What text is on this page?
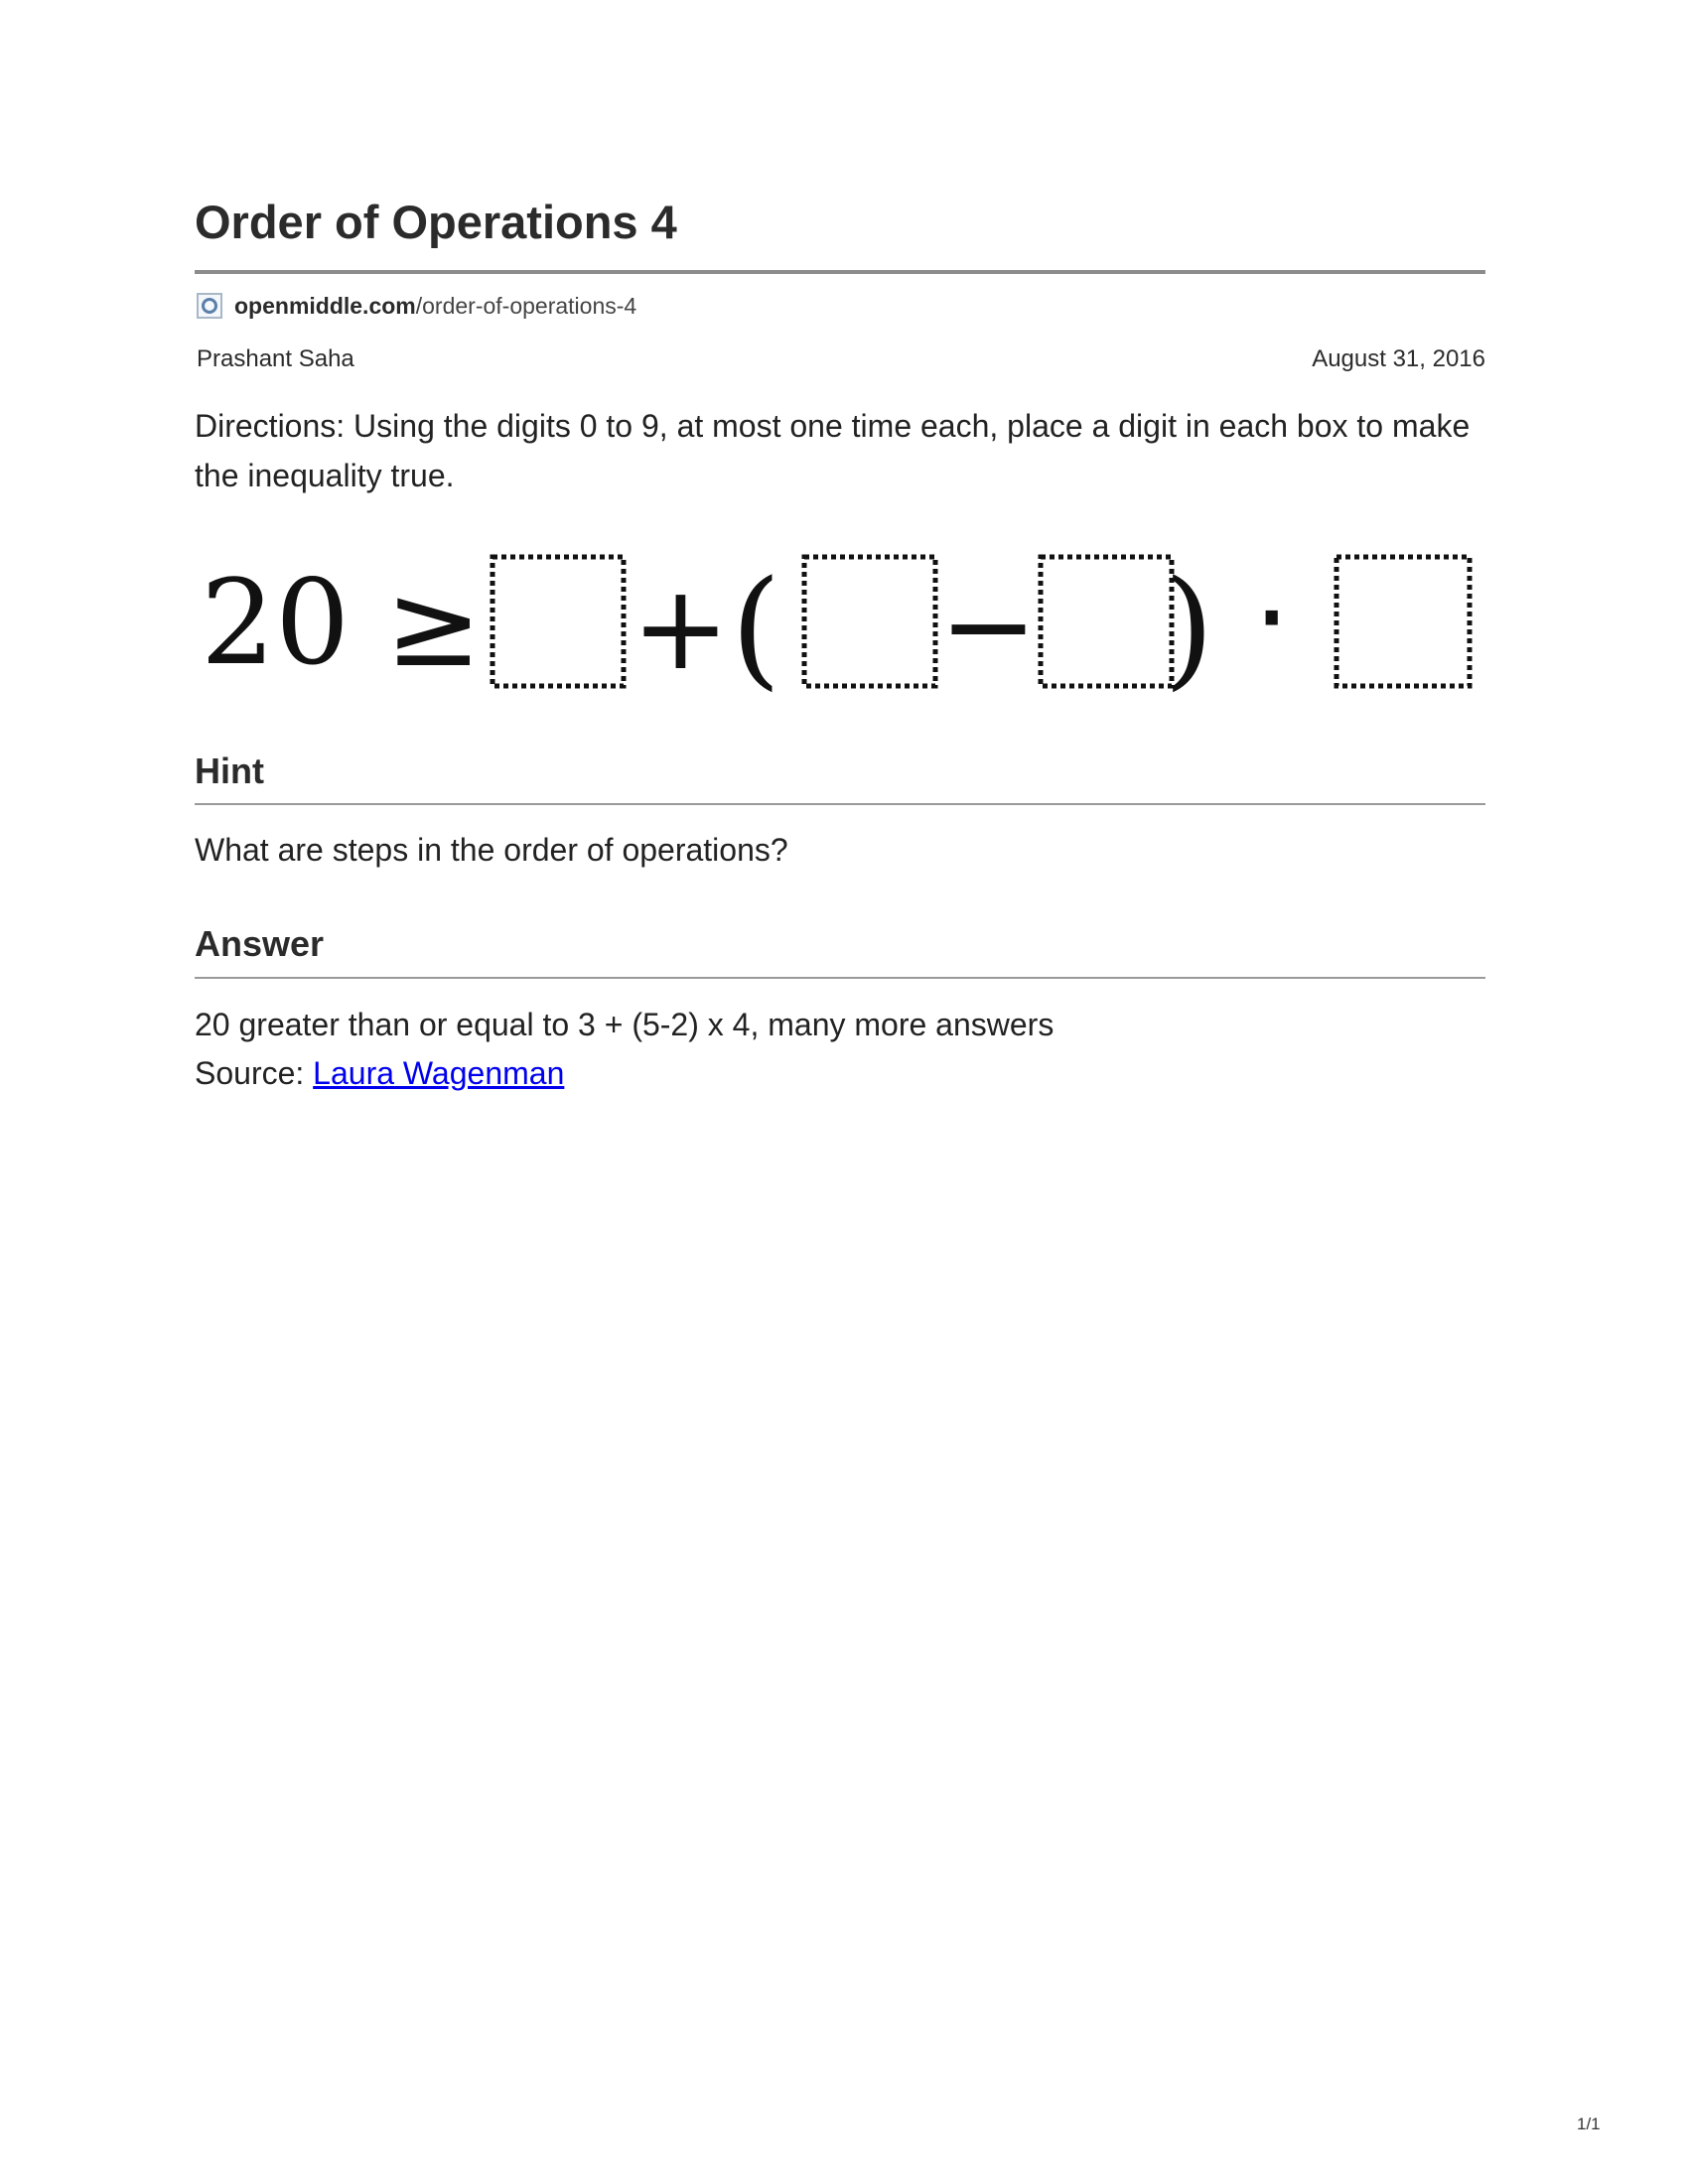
Order of Operations 4
openmiddle.com /order-of-operations-4
Prashant Saha	August 31, 2016

Directions: Using the digits 0 to 9, at most one time each, place a digit in each box to make the inequality true.

20 ≥ + ( − ) ·
Hint

What are steps in the order of operations?

Answer

20 greater than or equal to 3 + (5-2) x 4, many more answers

Source: Laura Wagenman

1/1
